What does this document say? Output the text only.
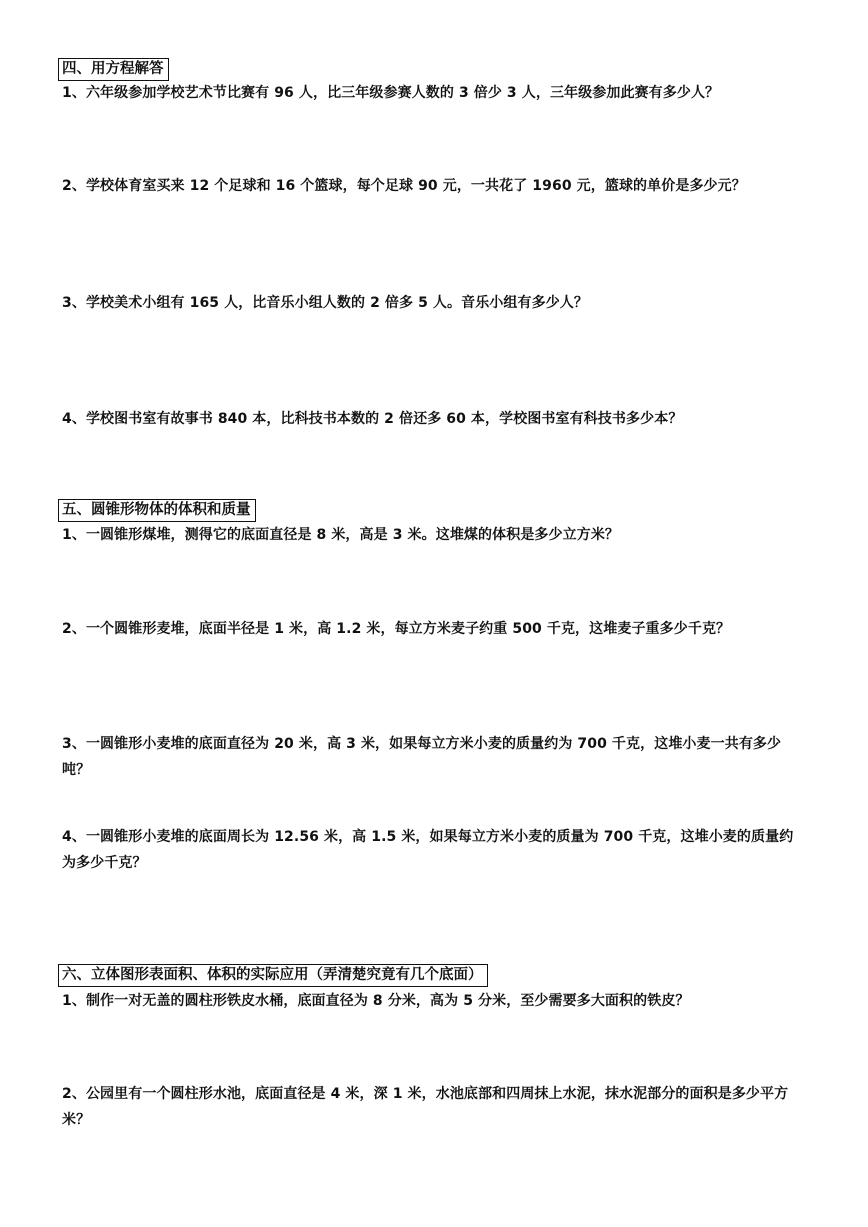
四、用方程解答
1、六年级参加学校艺术节比赛有 96 人，比三年级参赛人数的 3 倍少 3 人，三年级参加此赛有多少人？
2、学校体育室买来 12 个足球和 16 个篮球，每个足球 90 元，一共花了 1960 元，篮球的单价是多少元？
3、学校美术小组有 165 人，比音乐小组人数的 2 倍多 5 人。音乐小组有多少人？
4、学校图书室有故事书 840 本，比科技书本数的 2 倍还多 60 本，学校图书室有科技书多少本？
五、圆锥形物体的体积和质量
1、一圆锥形煤堆，测得它的底面直径是 8 米，高是 3 米。这堆煤的体积是多少立方米？
2、一个圆锥形麦堆，底面半径是 1 米，高 1.2 米，每立方米麦子约重 500 千克，这堆麦子重多少千克？
3、一圆锥形小麦堆的底面直径为 20 米，高 3 米，如果每立方米小麦的质量约为 700 千克，这堆小麦一共有多少吨？
4、一圆锥形小麦堆的底面周长为 12.56 米，高 1.5 米，如果每立方米小麦的质量为 700 千克，这堆小麦的质量约为多少千克？
六、立体图形表面积、体积的实际应用（弄清楚究竟有几个底面）
1、制作一对无盖的圆柱形铁皮水桶，底面直径为 8 分米，高为 5 分米，至少需要多大面积的铁皮？
2、公园里有一个圆柱形水池，底面直径是 4 米，深 1 米，水池底部和四周抹上水泥，抹水泥部分的面积是多少平方米？
